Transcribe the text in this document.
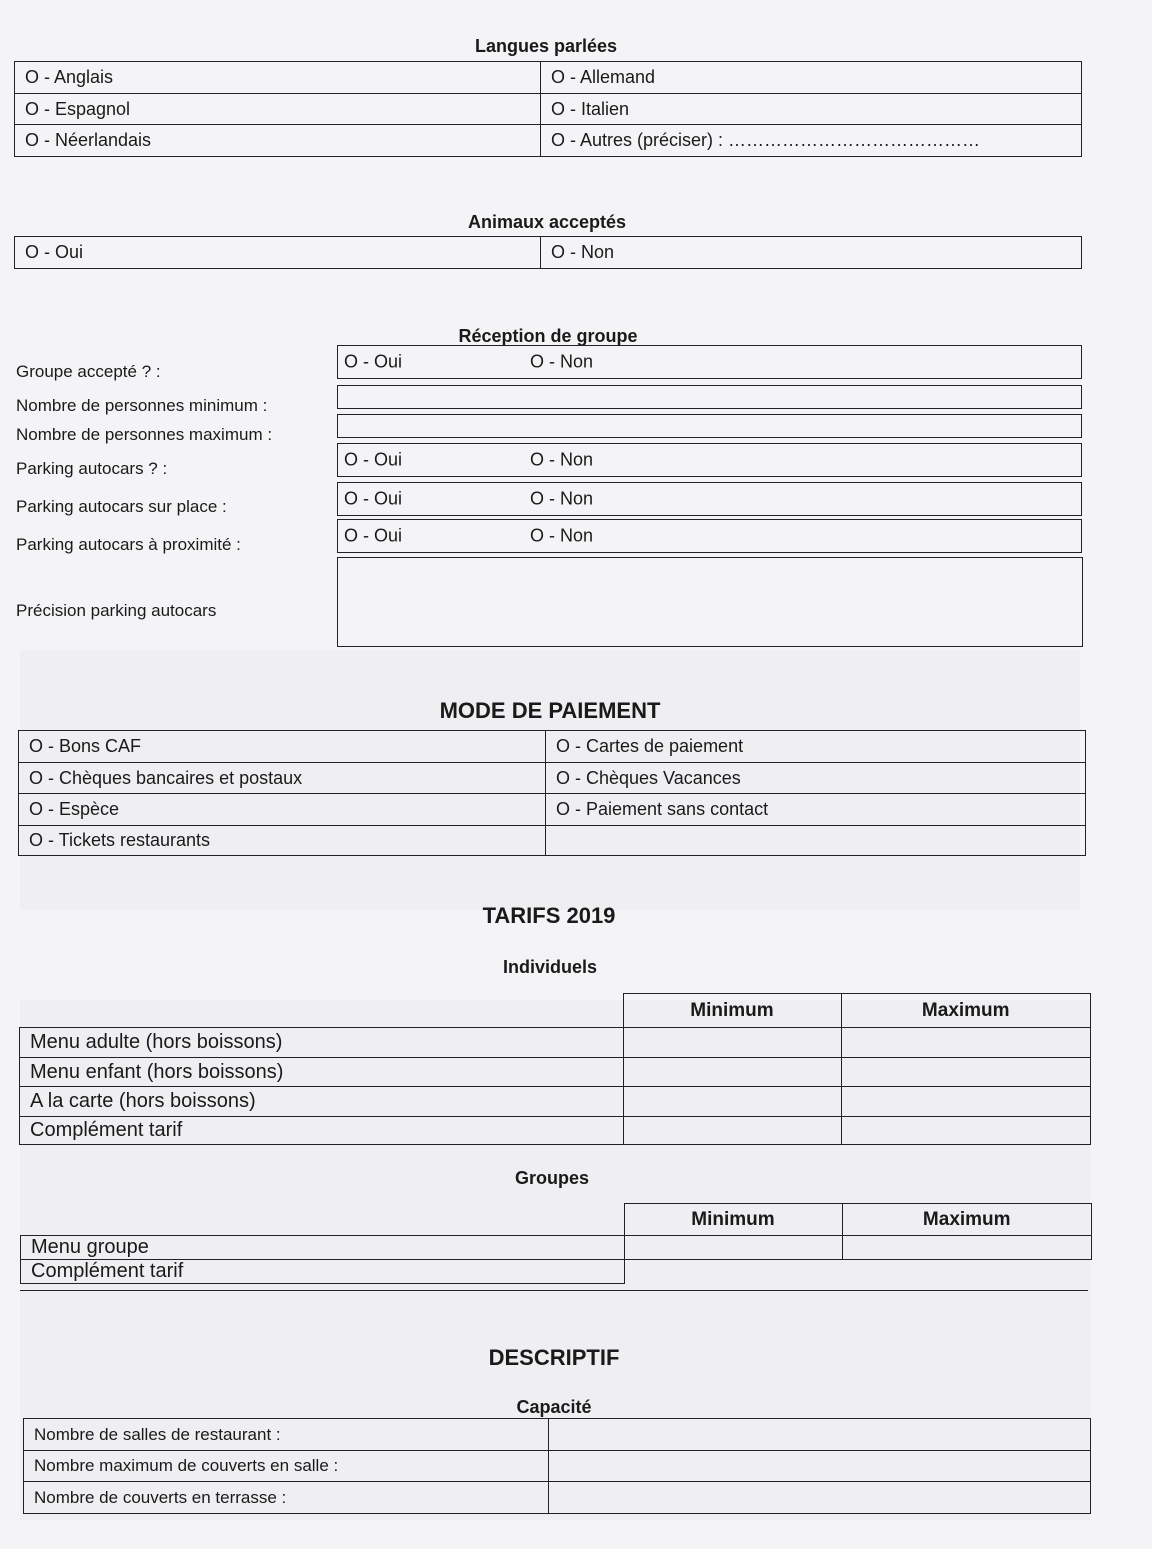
Langues parlées
O - Anglais	O - Allemand
O - Espagnol	O - Italien
O - Néerlandais	O - Autres (préciser) : ……………………………………
Animaux acceptés
O - Oui	O - Non
Réception de groupe
Groupe accepté ? :	O - Oui	O - Non
Nombre de personnes minimum :
Nombre de personnes maximum :
Parking autocars ? :	O - Oui	O - Non
Parking autocars sur place :	O - Oui	O - Non
Parking autocars à proximité :	O - Oui	O - Non
Précision parking autocars
MODE DE PAIEMENT
O - Bons CAF	O - Cartes de paiement
O - Chèques bancaires et postaux	O - Chèques Vacances
O - Espèce	O - Paiement sans contact
O - Tickets restaurants	
TARIFS 2019
Individuels
	Minimum	Maximum
Menu adulte (hors boissons)		
Menu enfant (hors boissons)		
A la carte (hors boissons)		
Complément tarif		
Groupes
	Minimum	Maximum
Menu groupe		
Complément tarif		
DESCRIPTIF
Capacité
Nombre de salles de restaurant :	
Nombre maximum de couverts en salle :	
Nombre de couverts en terrasse :	
